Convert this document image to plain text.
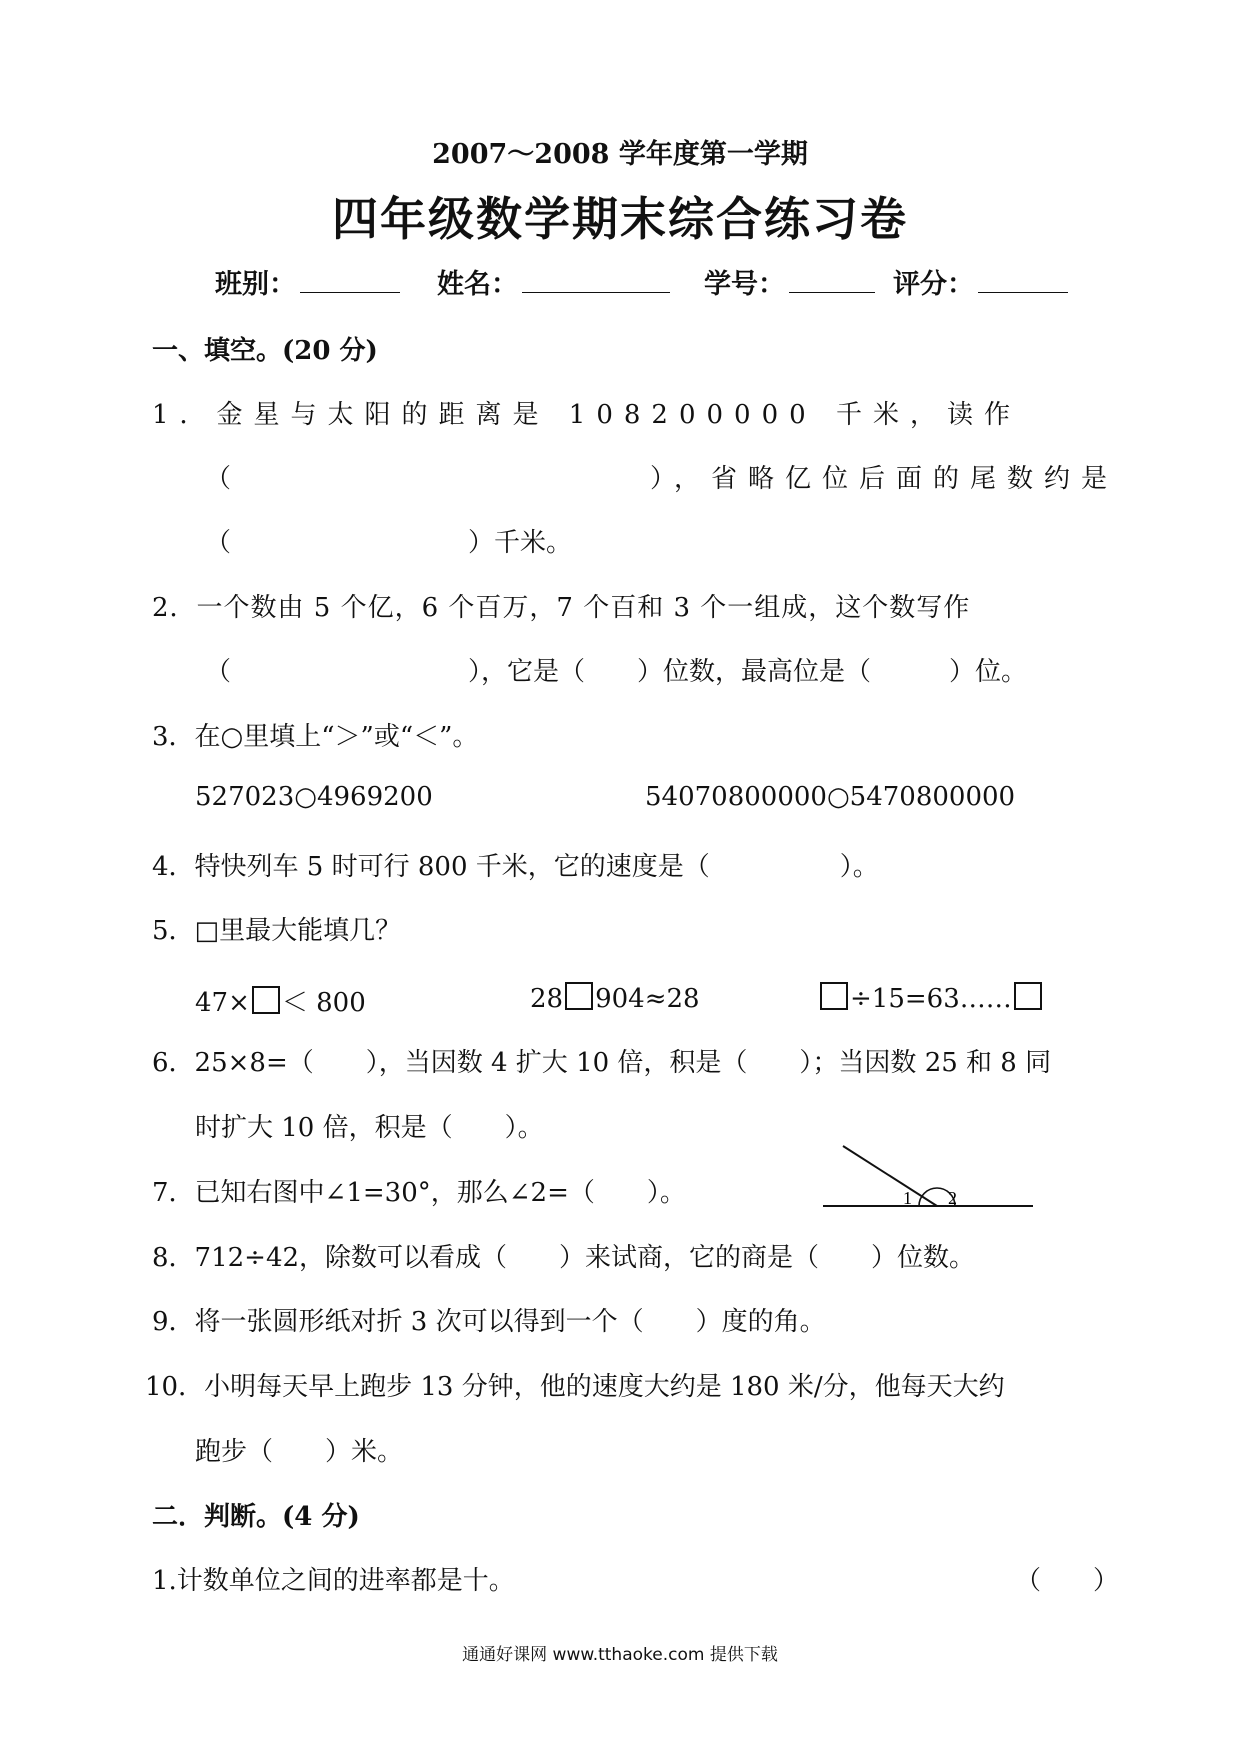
2007～2008 学年度第一学期
四年级数学期末综合练习卷
班别：	姓名：	学号：	评分：
一、填空。(20 分)
1．金星与太阳的距离是 108200000 千米，读作
（	），省略亿位后面的尾数约是
（	）千米。
2．一个数由 5 个亿，6 个百万，7 个百和 3 个一组成，这个数写作
（	），它是（　　）位数，最高位是（　　　）位。
3．在○里填上“＞”或“＜”。
527023○4969200	54070800000○5470800000
4．特快列车 5 时可行 800 千米，它的速度是（　　　　　）。
5．□里最大能填几？
47× ＜ 800	28 904≈28	÷15=63……
6．25×8=（　　），当因数 4 扩大 10 倍，积是（　　）；当因数 25 和 8 同
时扩大 10 倍，积是（　　）。
7．已知右图中∠1=30°，那么∠2=（　　）。	1 2
8．712÷42，除数可以看成（　　）来试商，它的商是（　　）位数。
9．将一张圆形纸对折 3 次可以得到一个（　　）度的角。
10．小明每天早上跑步 13 分钟，他的速度大约是 180 米/分，他每天大约
跑步（　　）米。
二．判断。(4 分)
1.计数单位之间的进率都是十。	（　　）
通通好课网 www.tthaoke.com 提供下载
